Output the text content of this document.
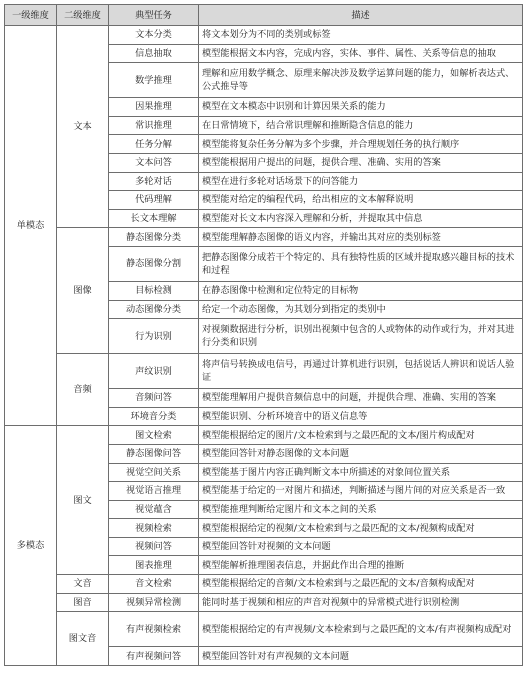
一级维度	二级维度	典型任务	描述
单模态	文本	文本分类	将文本划分为不同的类别或标签
		信息抽取	模型能根据文本内容，完成内容，实体、事件、属性、关系等信息的抽取
		数学推理	理解和应用数学概念、原理来解决涉及数学运算问题的能力，如解析表达式、公式推导等
		因果推理	模型在文本模态中识别和计算因果关系的能力
		常识推理	在日常情境下，结合常识理解和推断隐含信息的能力
		任务分解	模型能将复杂任务分解为多个步骤，并合理规划任务的执行顺序
		文本问答	模型能根据用户提出的问题，提供合理、准确、实用的答案
		多轮对话	模型在进行多轮对话场景下的问答能力
		代码理解	模型能对给定的编程代码，给出相应的文本解释说明
		长文本理解	模型能对长文本内容深入理解和分析，并提取其中信息
	图像	静态图像分类	模型能理解静态图像的语义内容，并输出其对应的类别标签
		静态图像分割	把静态图像分成若干个特定的、具有独特性质的区域并提取感兴趣目标的技术和过程
		目标检测	在静态图像中检测和定位特定的目标物
		动态图像分类	给定一个动态图像，为其划分到指定的类别中
		行为识别	对视频数据进行分析，识别出视频中包含的人或物体的动作或行为，并对其进行分类和识别
	音频	声纹识别	将声信号转换成电信号，再通过计算机进行识别，包括说话人辨识和说话人验证
		音频问答	模型能理解用户提供音频信息中的问题，并提供合理、准确、实用的答案
		环境音分类	模型能识别、分析环境音中的语义信息等
多模态	图文	图文检索	模型能根据给定的图片/文本检索到与之最匹配的文本/图片构成配对
		静态图像问答	模型能回答针对静态图像的文本问题
		视觉空间关系	模型能基于图片内容正确判断文本中所描述的对象间位置关系
		视觉语言推理	模型能基于给定的一对图片和描述，判断描述与图片间的对应关系是否一致
		视觉蕴含	模型能推理判断给定图片和文本之间的关系
		视频检索	模型能根据给定的视频/文本检索到与之最匹配的文本/视频构成配对
		视频问答	模型能回答针对视频的文本问题
		图表推理	模型能解析推理图表信息，并据此作出合理的推断
	文音	音文检索	模型能根据给定的音频/文本检索到与之最匹配的文本/音频构成配对
	图音	视频异常检测	能同时基于视频和相应的声音对视频中的异常模式进行识别检测
	图文音	有声视频检索	模型能根据给定的有声视频/文本检索到与之最匹配的文本/有声视频构成配对
		有声视频问答	模型能回答针对有声视频的文本问题
